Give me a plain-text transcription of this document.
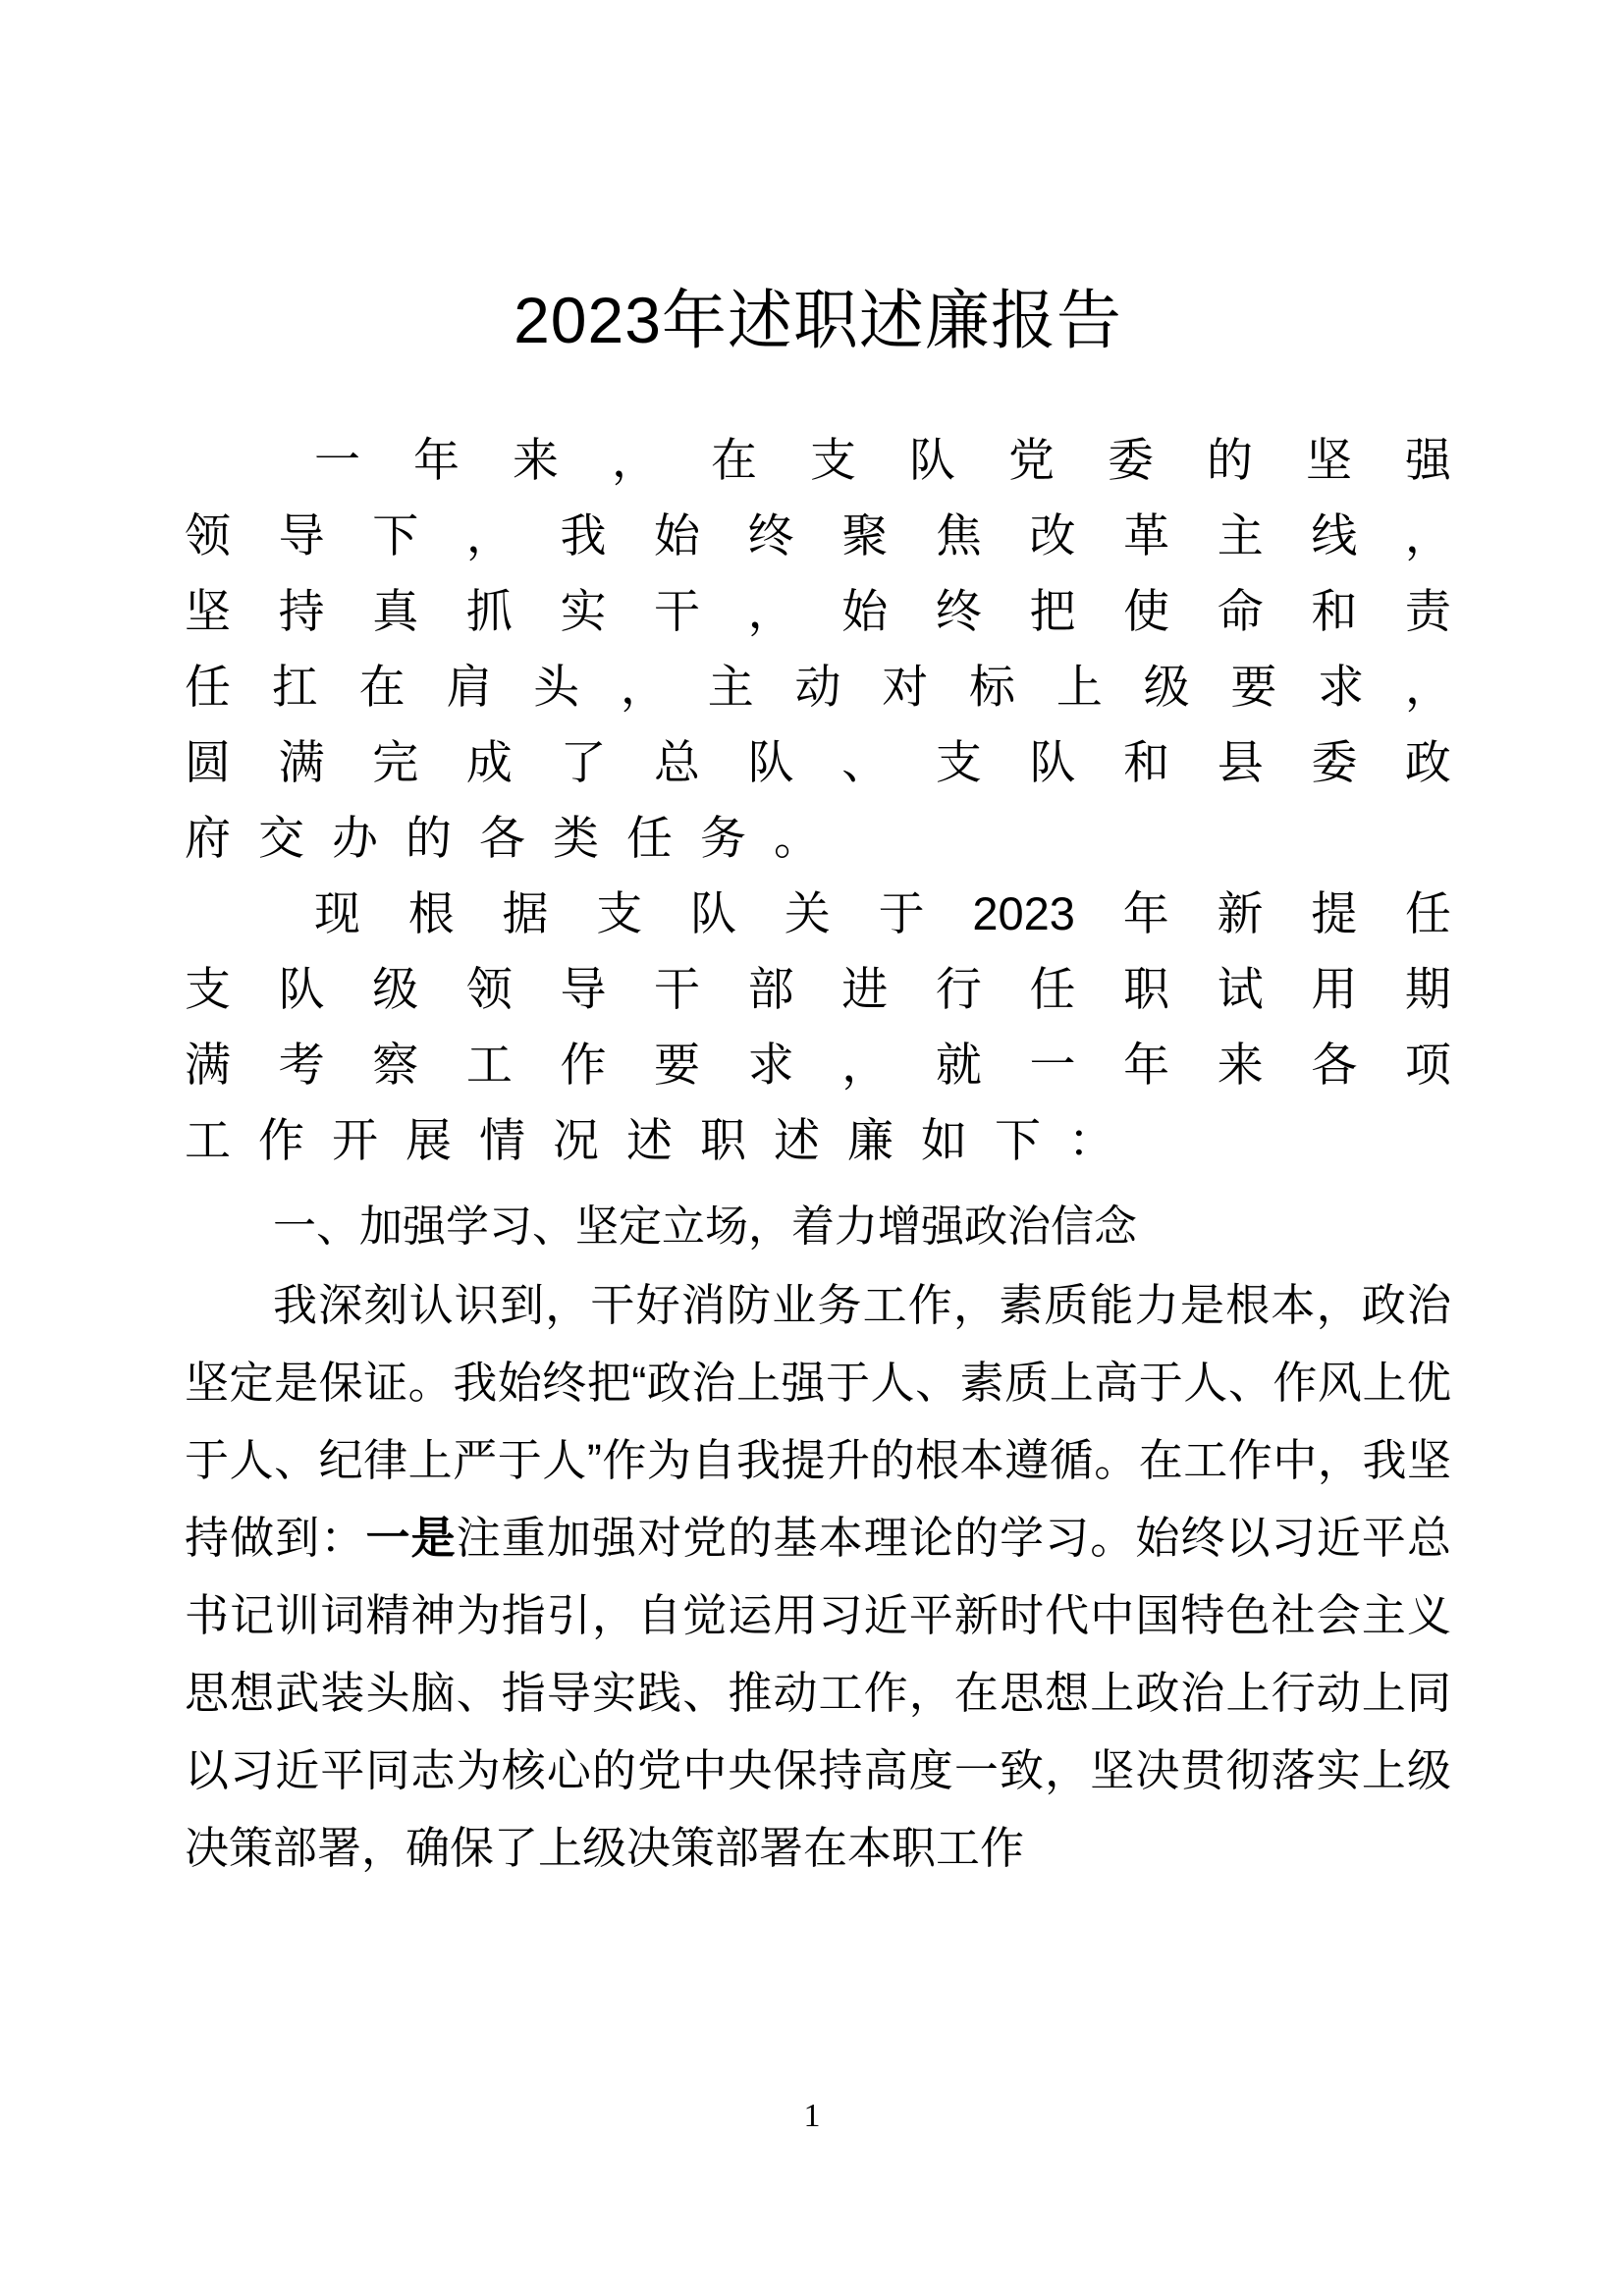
2023年述职述廉报告
一 年 来 ， 在 支 队 党 委 的 坚 强
领 导 下 ， 我 始 终 聚 焦 改 革 主 线 ，
坚 持 真 抓 实 干 ， 始 终 把 使 命 和 责
任 扛 在 肩 头 ， 主 动 对 标 上 级 要 求 ，
圆 满 完 成 了 总 队 、 支 队 和 县 委 政
府 交 办 的 各 类 任 务 。
现 根 据 支 队 关 于 2023 年 新 提 任
支 队 级 领 导 干 部 进 行 任 职 试 用 期
满 考 察 工 作 要 求 ， 就 一 年 来 各 项
工 作 开 展 情 况 述 职 述 廉 如 下 ：
一、加强学习、坚定立场，着力增强政治信念

我深刻认识到，干好消防业务工作，素质能力是根本，政治坚定是保证。我始终把“政治上强于人、素质上高于人、作风上优于人、纪律上严于人”作为自我提升的根本遵循。在工作中，我坚持做到：一是注重加强对党的基本理论的学习。始终以习近平总书记训词精神为指引，自觉运用习近平新时代中国特色社会主义思想武装头脑、指导实践、推动工作，在思想上政治上行动上同以习近平同志为核心的党中央保持高度一致，坚决贯彻落实上级决策部署，确保了上级决策部署在本职工作

1
